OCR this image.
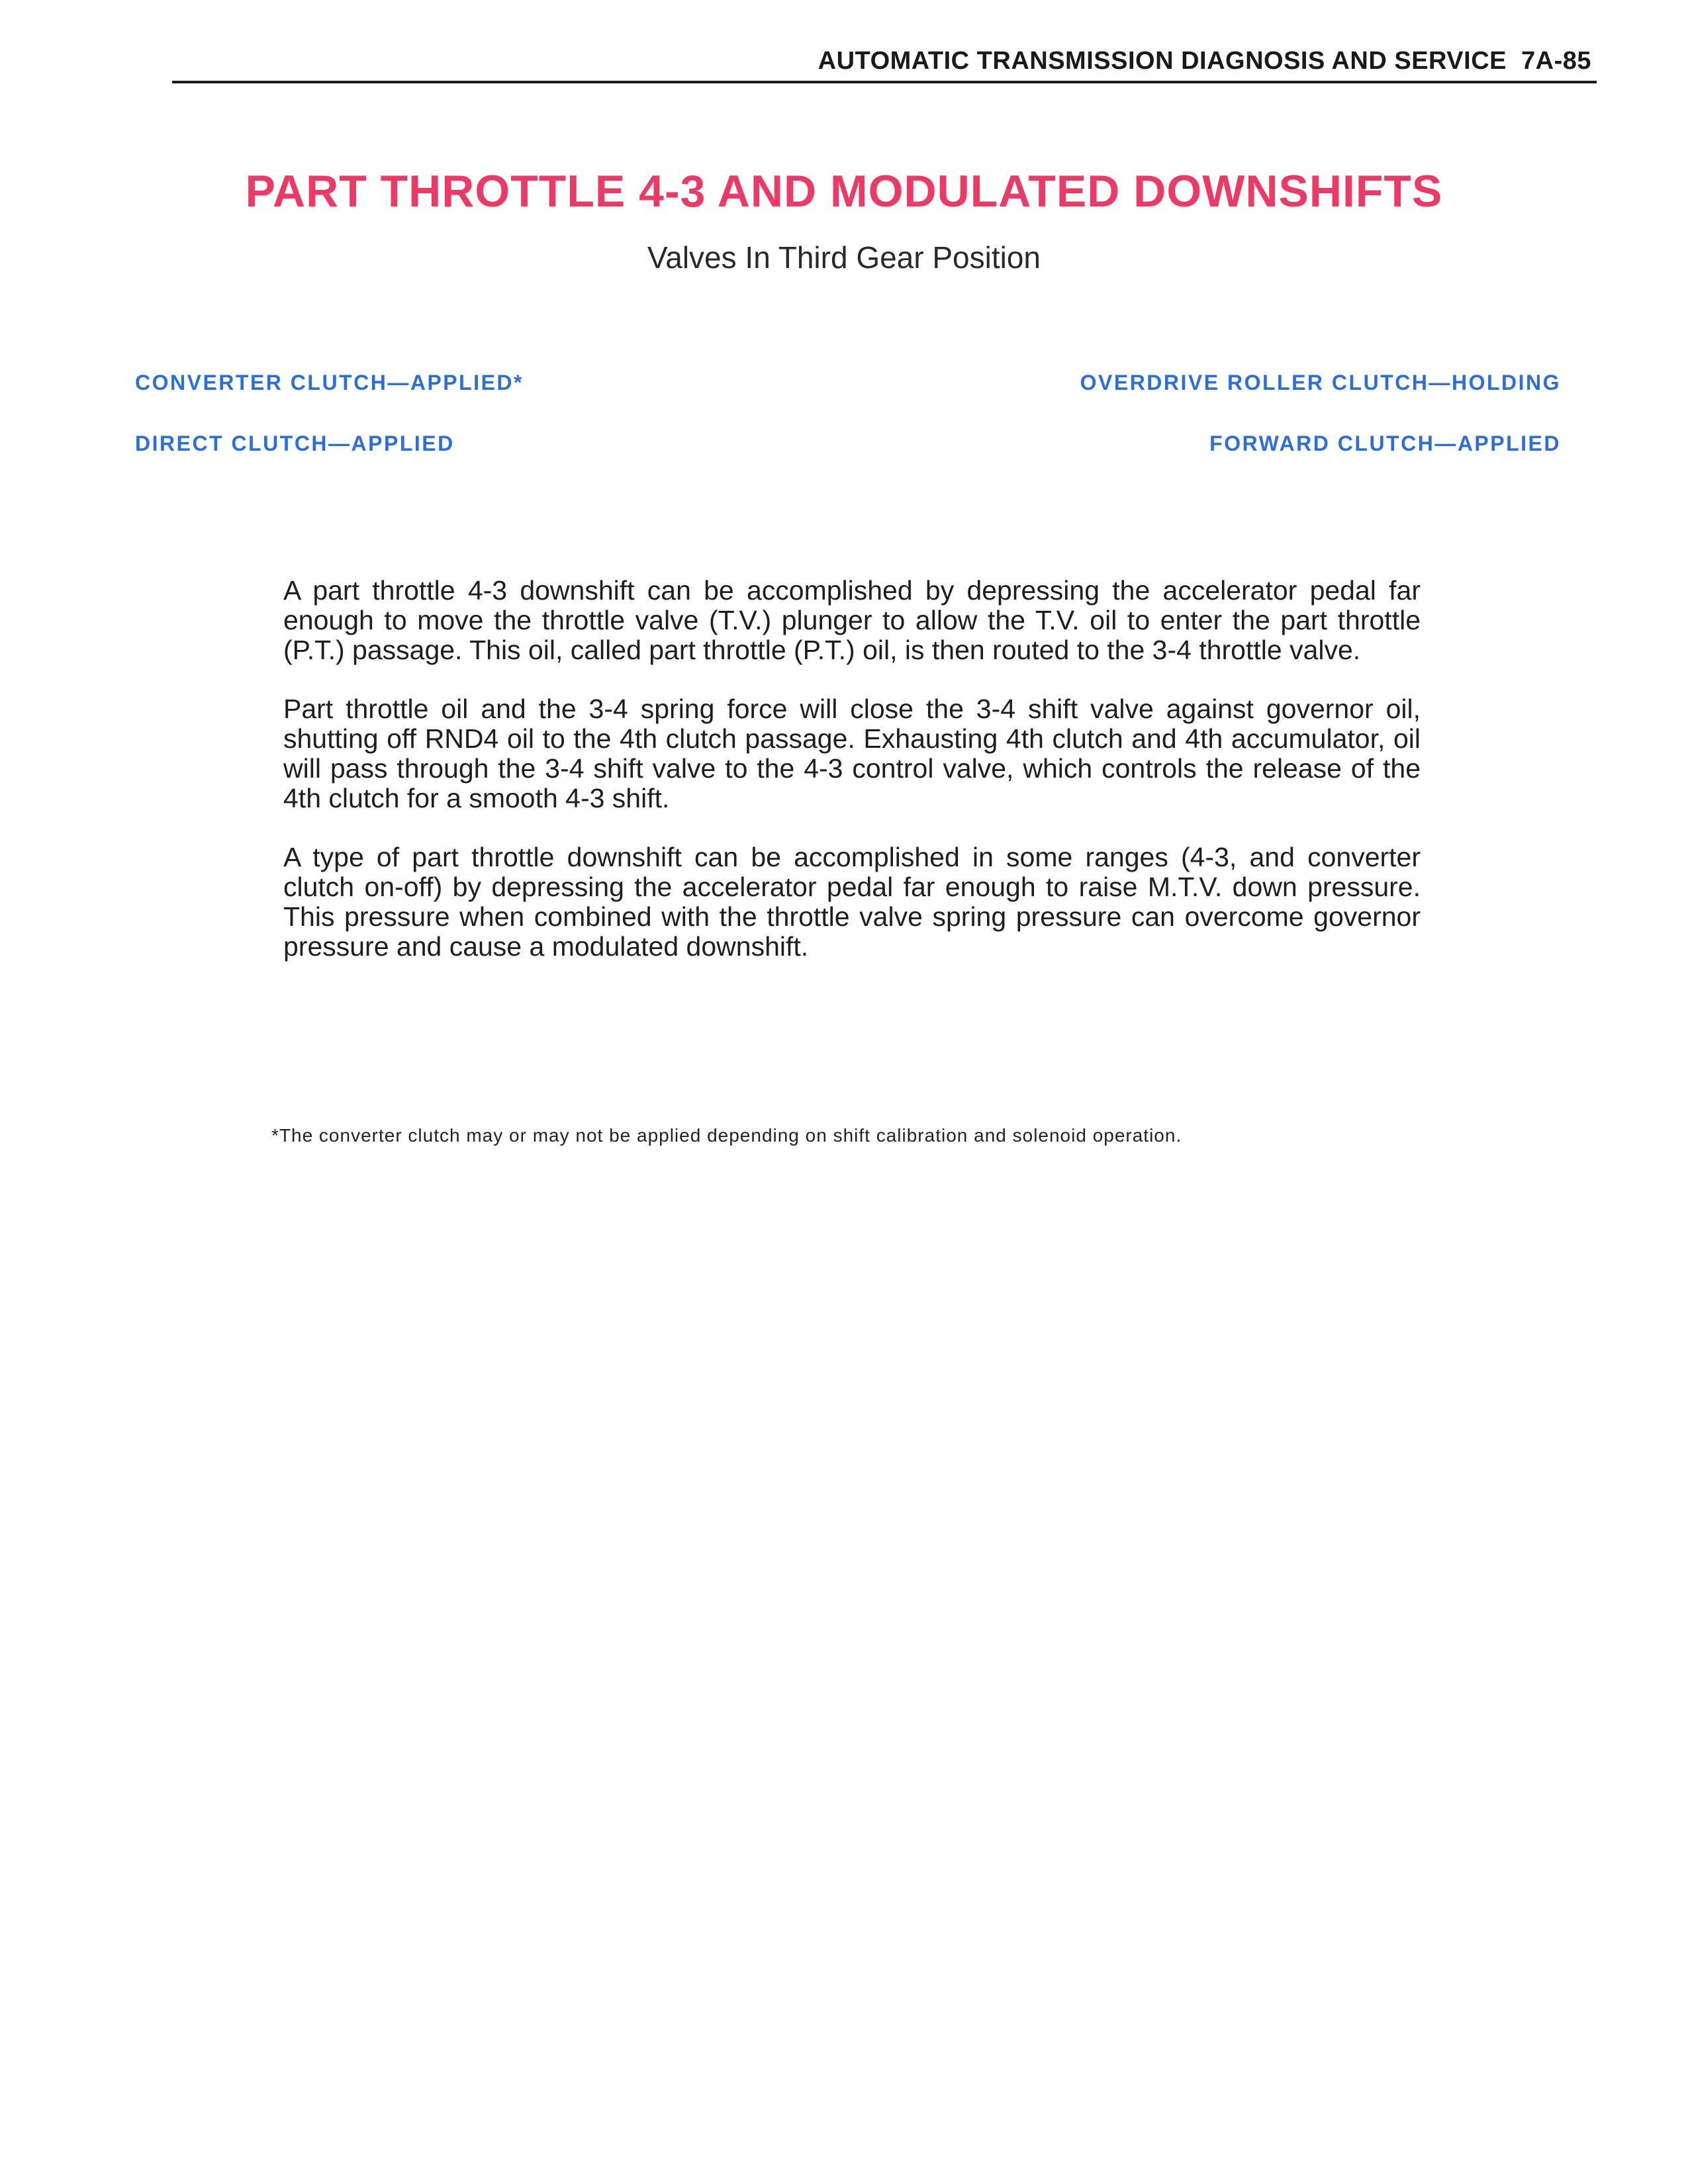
AUTOMATIC TRANSMISSION DIAGNOSIS AND SERVICE 7A-85
PART THROTTLE 4-3 AND MODULATED DOWNSHIFTS
Valves In Third Gear Position
CONVERTER CLUTCH—APPLIED*	OVERDRIVE ROLLER CLUTCH—HOLDING
DIRECT CLUTCH—APPLIED	FORWARD CLUTCH—APPLIED

A part throttle 4-3 downshift can be accomplished by depressing the accelerator pedal far enough to move the throttle valve (T.V.) plunger to allow the T.V. oil to enter the part throttle (P.T.) passage. This oil, called part throttle (P.T.) oil, is then routed to the 3-4 throttle valve.

Part throttle oil and the 3-4 spring force will close the 3-4 shift valve against governor oil, shutting off RND4 oil to the 4th clutch passage. Exhausting 4th clutch and 4th accumulator, oil will pass through the 3-4 shift valve to the 4-3 control valve, which controls the release of the 4th clutch for a smooth 4-3 shift.

A type of part throttle downshift can be accomplished in some ranges (4-3, and converter clutch on-off) by depressing the accelerator pedal far enough to raise M.T.V. down pressure. This pressure when combined with the throttle valve spring pressure can overcome governor pressure and cause a modulated downshift.

*The converter clutch may or may not be applied depending on shift calibration and solenoid operation.
